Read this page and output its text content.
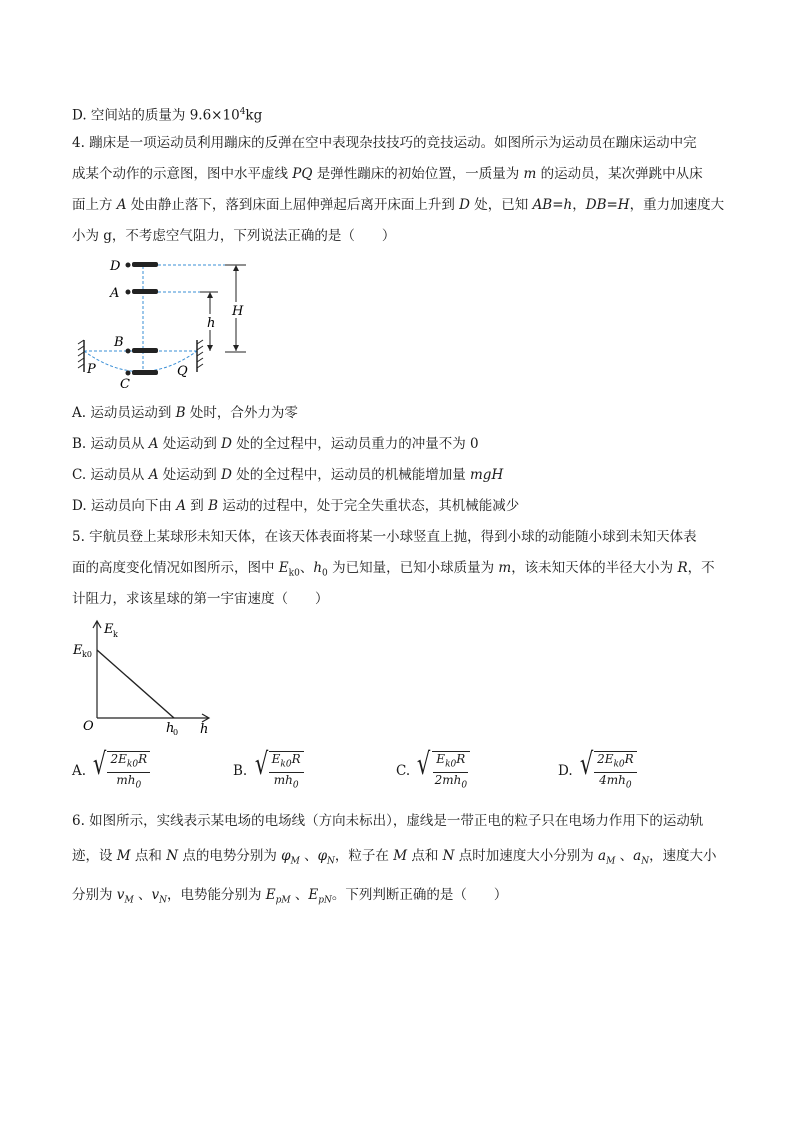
D. 空间站的质量为 $9.6\times 10^4kg$
4. 蹦床是一项运动员利用蹦床的反弹在空中表现杂技技巧的竞技运动。如图所示为运动员在蹦床运动中完
成某个动作的示意图，图中水平虚线 PQ 是弹性蹦床的初始位置，一质量为 m 的运动员，某次弹跳中从床
面上方 A 处由静止落下，落到床面上屈伸弹起后离开床面上升到 D 处，已知 AB=h，DB=H，重力加速度大
小为 g，不考虑空气阻力，下列说法正确的是（　　）
D
A
B
C
P	Q
h
H
A. 运动员运动到 B 处时，合外力为零
B. 运动员从 A 处运动到 D 处的全过程中，运动员重力的冲量不为 0
C. 运动员从 A 处运动到 D 处的全过程中，运动员的机械能增加量 mgH
D. 运动员向下由 A 到 B 运动的过程中，处于完全失重状态，其机械能减少
5. 宇航员登上某球形未知天体，在该天体表面将某一小球竖直上抛，得到小球的动能随小球到未知天体表
面的高度变化情况如图所示，图中 $E_{k0}$、$h_0$ 为已知量，已知小球质量为 m，该未知天体的半径大小为 R，不
计阻力，求该星球的第一宇宙速度（　　）
E k
E k0
O	h
0 h
A. √ $\frac{2E_{k0}R}{mh_0}$	B. √ $\frac{E_{k0}R}{mh_0}$	C. √ $\frac{E_{k0}R}{2mh_0}$	D. √ $\frac{2E_{k0}R}{4mh_0}$
6. 如图所示，实线表示某电场的电场线（方向未标出），虚线是一带正电的粒子只在电场力作用下的运动轨
迹，设 M 点和 N 点的电势分别为 $\varphi_M$ 、$\varphi_N$，粒子在 M 点和 N 点时加速度大小分别为 $a_M$ 、$a_N$，速度大小
分别为 $v_M$ 、$v_N$，电势能分别为 $E_{pM}$ 、$E_{pN}$。下列判断正确的是（　　）
